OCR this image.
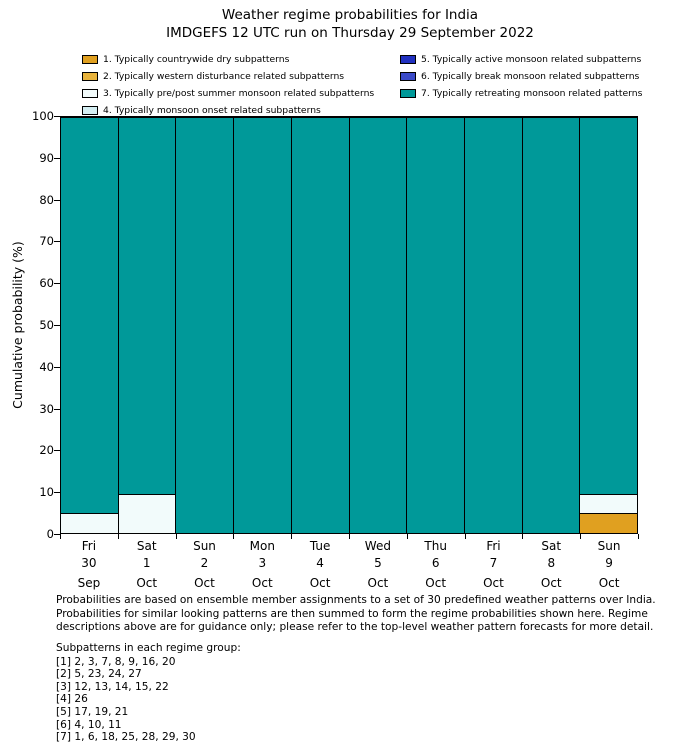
Weather regime probabilities for India
IMDGEFS 12 UTC run on Thursday 29 September 2022
1. Typically countrywide dry subpatterns
2. Typically western disturbance related subpatterns
3. Typically pre/post summer monsoon related subpatterns
4. Typically monsoon onset related subpatterns
5. Typically active monsoon related subpatterns
6. Typically break monsoon related subpatterns
7. Typically retreating monsoon related patterns
Cumulative probability (%)
0
10
20
30
40
50
60
70
80
90
100
Fri
30
Sep
Sat
1
Oct
Sun
2
Oct
Mon
3
Oct
Tue
4
Oct
Wed
5
Oct
Thu
6
Oct
Fri
7
Oct
Sat
8
Oct
Sun
9
Oct
Probabilities are based on ensemble member assignments to a set of 30 predefined weather patterns over India.
Probabilities for similar looking patterns are then summed to form the regime probabilities shown here. Regime
descriptions above are for guidance only; please refer to the top-level weather pattern forecasts for more detail.
Subpatterns in each regime group:
[1] 2, 3, 7, 8, 9, 16, 20
[2] 5, 23, 24, 27
[3] 12, 13, 14, 15, 22
[4] 26
[5] 17, 19, 21
[6] 4, 10, 11
[7] 1, 6, 18, 25, 28, 29, 30
